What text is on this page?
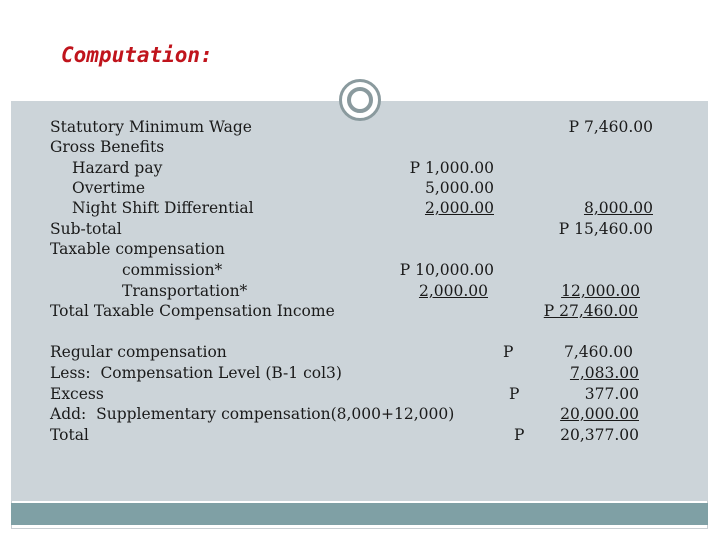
Computation:
Statutory Minimum Wage	P 7,460.00
Gross Benefits
Hazard pay	P 1,000.00
Overtime	5,000.00
Night Shift Differential	2,000.00	8,000.00
Sub-total	P 15,460.00
Taxable compensation
commission*	P 10,000.00
Transportation*	2,000.00	12,000.00
Total Taxable Compensation Income	P 27,460.00
Regular compensation	P	7,460.00
Less:  Compensation Level (B-1 col3)	7,083.00
Excess	P	377.00
Add:  Supplementary compensation(8,000+12,000)	20,000.00
Total	P	20,377.00
